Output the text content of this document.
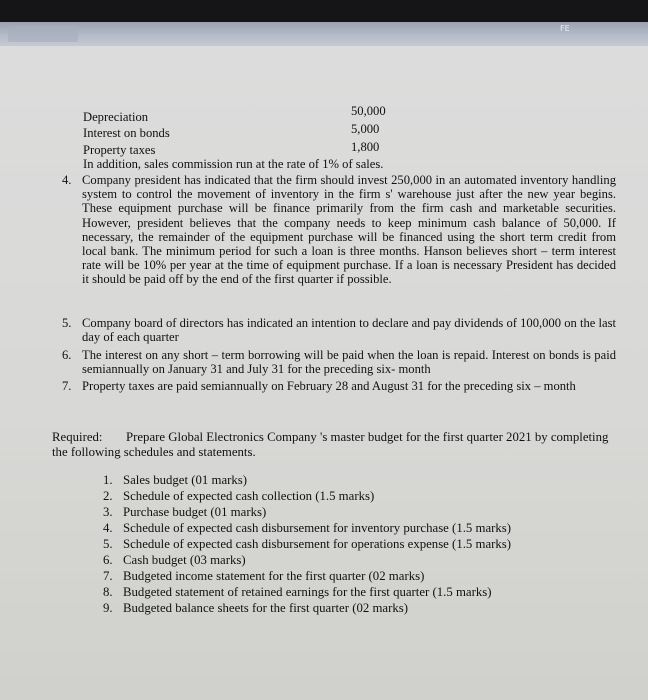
FE
Depreciation	50,000
Interest on bonds	5,000
Property taxes	1,800
In addition, sales commission run at the rate of 1% of sales.
4. Company president has indicated that the firm should invest 250,000 in an automated inventory handling system to control the movement of inventory in the firm s' warehouse just after the new year begins. These equipment purchase will be finance primarily from the firm cash and marketable securities. However, president believes that the company needs to keep minimum cash balance of 50,000. If necessary, the remainder of the equipment purchase will be financed using the short term credit from local bank. The minimum period for such a loan is three months. Hanson believes short – term interest rate will be 10% per year at the time of equipment purchase. If a loan is necessary President has decided it should be paid off by the end of the first quarter if possible.

5. Company board of directors has indicated an intention to declare and pay dividends of 100,000 on the last day of each quarter

6. The interest on any short – term borrowing will be paid when the loan is repaid. Interest on bonds is paid semiannually on January 31 and July 31 for the preceding six- month

7. Property taxes are paid semiannually on February 28 and August 31 for the preceding six – month

Required: Prepare Global Electronics Company 's master budget for the first quarter 2021 by completing the following schedules and statements.
1. Sales budget (01 marks)
2. Schedule of expected cash collection (1.5 marks)
3. Purchase budget (01 marks)
4. Schedule of expected cash disbursement for inventory purchase (1.5 marks)
5. Schedule of expected cash disbursement for operations expense (1.5 marks)
6. Cash budget (03 marks)
7. Budgeted income statement for the first quarter (02 marks)
8. Budgeted statement of retained earnings for the first quarter (1.5 marks)
9. Budgeted balance sheets for the first quarter (02 marks)
